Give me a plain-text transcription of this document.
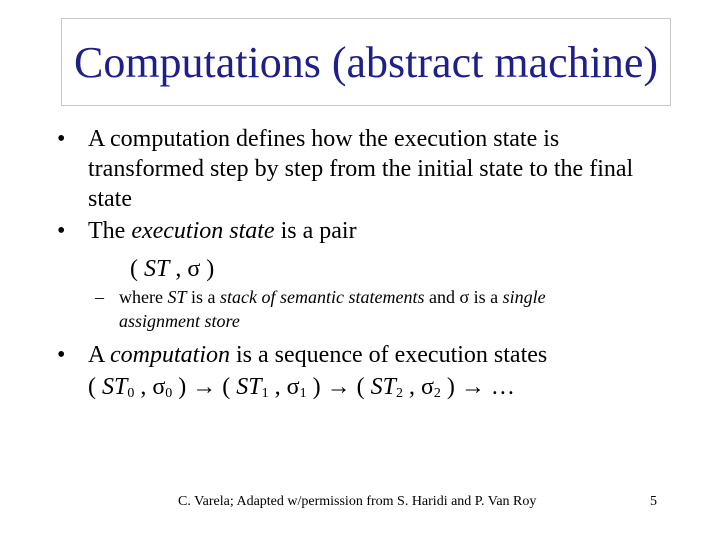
Computations (abstract machine)
• A computation defines how the execution state is
transformed step by step from the initial state to the final
state
• The execution state is a pair
( ST , σ )
– where ST is a stack of semantic statements and σ is a single
assignment store
• A computation is a sequence of execution states
( $ST_0$ , $\sigma_0$ ) → ( $ST_1$ , $\sigma_1$ ) → ( $ST_2$ , $\sigma_2$ ) → …
C. Varela; Adapted w/permission from S. Haridi and P. Van Roy	5
